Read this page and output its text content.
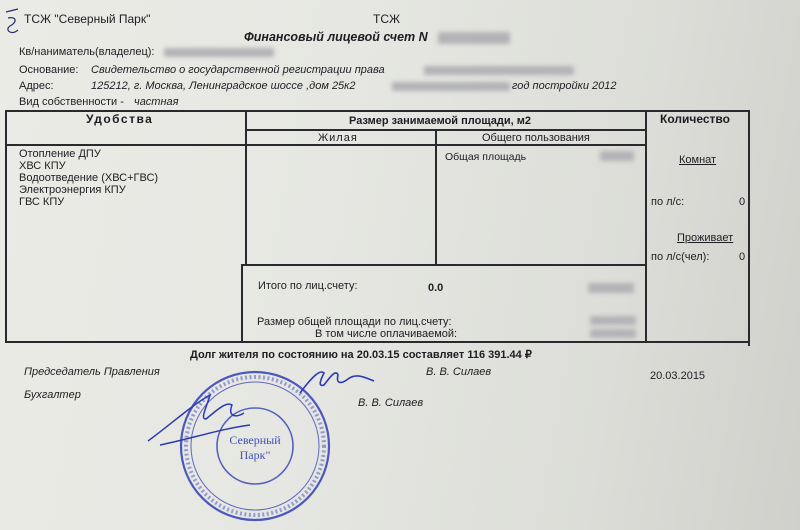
ТСЖ "Северный Парк"	ТСЖ
Финансовый лицевой счет N
Кв/наниматель(владелец):
Основание: Свидетельство о государственной регистрации права
Адрес:	125212, г. Москва, Ленинградское шоссе ,дом 25к2	год постройки 2012
Вид собственности - частная
Удобства	Размер занимаемой площади, м2	Количество
Жилая	Общего пользования
Отопление ДПУ
ХВС КПУ
Водоотведение (ХВС+ГВС)
Электроэнергия КПУ
ГВС КПУ
Общая площадь	Комнат
по л/с:	0
Проживает
по л/с(чел):	0
Итого по лиц.счету:	0.0
Размер общей площади по лиц.счету:
В том числе оплачиваемой:
Долг жителя по состоянию на 20.03.15 составляет 116 391.44 ₽
Председатель Правления	В. В. Силаев	20.03.2015
Бухгалтер
В. В. Силаев
Северный
Парк"
